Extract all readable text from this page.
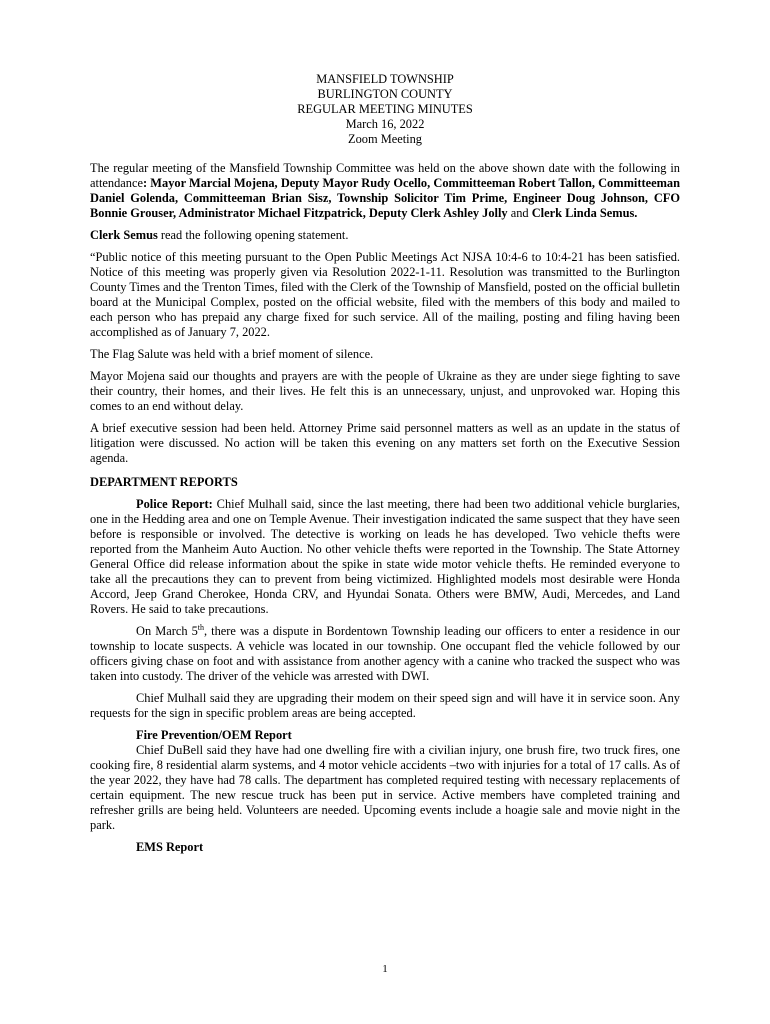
MANSFIELD TOWNSHIP
BURLINGTON COUNTY
REGULAR MEETING MINUTES
March 16, 2022
Zoom Meeting

The regular meeting of the Mansfield Township Committee was held on the above shown date with the following in attendance: Mayor Marcial Mojena, Deputy Mayor Rudy Ocello, Committeeman Robert Tallon, Committeeman Daniel Golenda, Committeeman Brian Sisz, Township Solicitor Tim Prime, Engineer Doug Johnson, CFO Bonnie Grouser, Administrator Michael Fitzpatrick, Deputy Clerk Ashley Jolly and Clerk Linda Semus.

Clerk Semus read the following opening statement.

“Public notice of this meeting pursuant to the Open Public Meetings Act NJSA 10:4-6 to 10:4-21 has been satisfied. Notice of this meeting was properly given via Resolution 2022-1-11. Resolution was transmitted to the Burlington County Times and the Trenton Times, filed with the Clerk of the Township of Mansfield, posted on the official bulletin board at the Municipal Complex, posted on the official website, filed with the members of this body and mailed to each person who has prepaid any charge fixed for such service. All of the mailing, posting and filing having been accomplished as of January 7, 2022.

The Flag Salute was held with a brief moment of silence.

Mayor Mojena said our thoughts and prayers are with the people of Ukraine as they are under siege fighting to save their country, their homes, and their lives. He felt this is an unnecessary, unjust, and unprovoked war. Hoping this comes to an end without delay.

A brief executive session had been held. Attorney Prime said personnel matters as well as an update in the status of litigation were discussed. No action will be taken this evening on any matters set forth on the Executive Session agenda.

DEPARTMENT REPORTS

Police Report: Chief Mulhall said, since the last meeting, there had been two additional vehicle burglaries, one in the Hedding area and one on Temple Avenue. Their investigation indicated the same suspect that they have seen before is responsible or involved. The detective is working on leads he has developed. Two vehicle thefts were reported from the Manheim Auto Auction. No other vehicle thefts were reported in the Township. The State Attorney General Office did release information about the spike in state wide motor vehicle thefts. He reminded everyone to take all the precautions they can to prevent from being victimized. Highlighted models most desirable were Honda Accord, Jeep Grand Cherokee, Honda CRV, and Hyundai Sonata. Others were BMW, Audi, Mercedes, and Land Rovers. He said to take precautions.

On March 5th, there was a dispute in Bordentown Township leading our officers to enter a residence in our township to locate suspects. A vehicle was located in our township. One occupant fled the vehicle followed by our officers giving chase on foot and with assistance from another agency with a canine who tracked the suspect who was taken into custody. The driver of the vehicle was arrested with DWI.

Chief Mulhall said they are upgrading their modem on their speed sign and will have it in service soon. Any requests for the sign in specific problem areas are being accepted.

Fire Prevention/OEM Report

Chief DuBell said they have had one dwelling fire with a civilian injury, one brush fire, two truck fires, one cooking fire, 8 residential alarm systems, and 4 motor vehicle accidents –two with injuries for a total of 17 calls. As of the year 2022, they have had 78 calls. The department has completed required testing with necessary replacements of certain equipment. The new rescue truck has been put in service. Active members have completed training and refresher grills are being held. Volunteers are needed. Upcoming events include a hoagie sale and movie night in the park.

EMS Report
1
